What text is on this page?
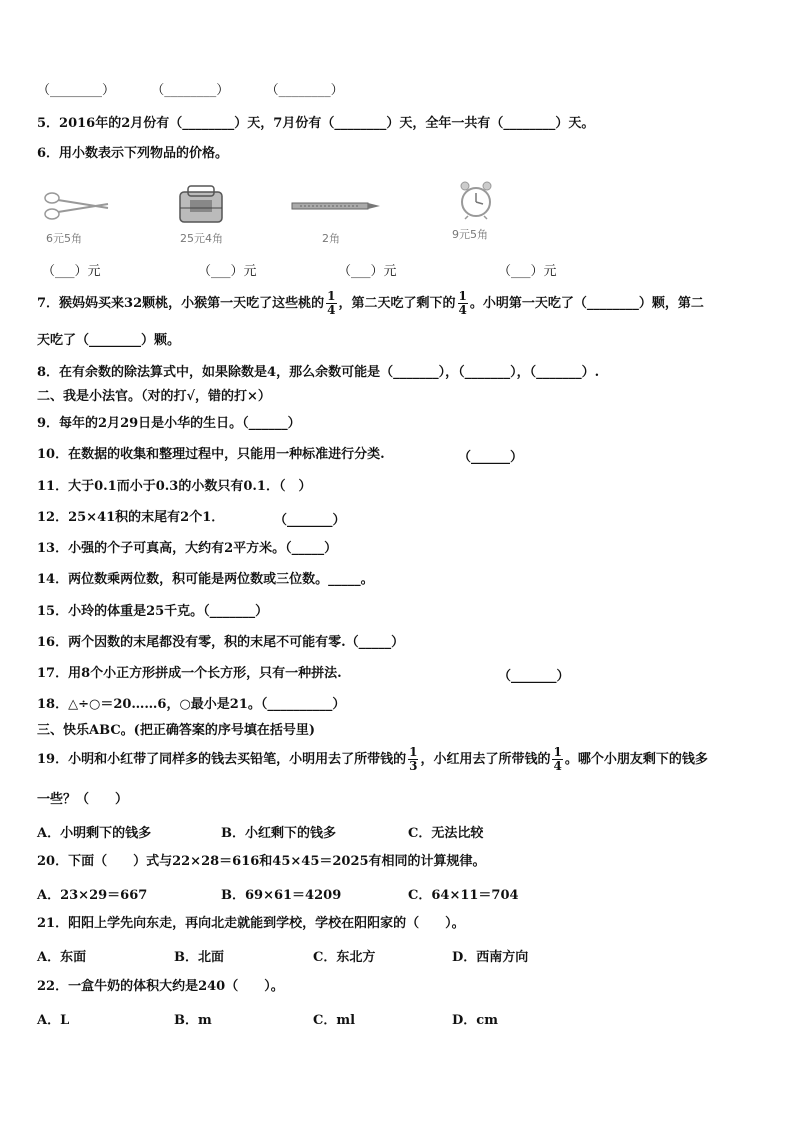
（________）	（________）	（________）
5．2016年的2月份有（________）天，7月份有（________）天，全年一共有（________）天。
6．用小数表示下列物品的价格。
6元5角	25元4角	2角	9元5角
（___）元	（___）元	（___）元	（___）元
7．猴妈妈买来32颗桃，小猴第一天吃了这些桃的 $\frac{1}{4}$ ，第二天吃了剩下的 $\frac{1}{4}$ 。小明第一天吃了（________）颗，第二
天吃了（________）颗。
8．在有余数的除法算式中，如果除数是4，那么余数可能是（_______），（_______），（_______）.
二、我是小法官。（对的打√，错的打×）
9．每年的2月29日是小华的生日。（______）
10．在数据的收集和整理过程中，只能用一种标准进行分类.	（______）
11．大于0.1而小于0.3的小数只有0.1．（　）
12．25×41积的末尾有2个1．	（_______）
13．小强的个子可真高，大约有2平方米。（_____）
14．两位数乘两位数，积可能是两位数或三位数。_____。
15．小玲的体重是25千克。（_______）
16．两个因数的末尾都没有零，积的末尾不可能有零.（_____）
17．用8个小正方形拼成一个长方形，只有一种拼法.	（_______）
18．△÷○＝20……6，○最小是21。（__________）
三、快乐ABC。(把正确答案的序号填在括号里)
19．小明和小红带了同样多的钱去买铅笔，小明用去了所带钱的 $\frac{1}{3}$ ，小红用去了所带钱的 $\frac{1}{4}$ 。哪个小朋友剩下的钱多
一些？（　　）
A．小明剩下的钱多	B．小红剩下的钱多	C．无法比较
20．下面（　　）式与22×28＝616和45×45＝2025有相同的计算规律。
A．23×29＝667	B．69×61＝4209	C．64×11＝704
21．阳阳上学先向东走，再向北走就能到学校，学校在阳阳家的（　　）。
A．东面	B．北面	C．东北方	D．西南方向
22．一盒牛奶的体积大约是240（　　）。
A．L	B．m	C．ml	D．cm
